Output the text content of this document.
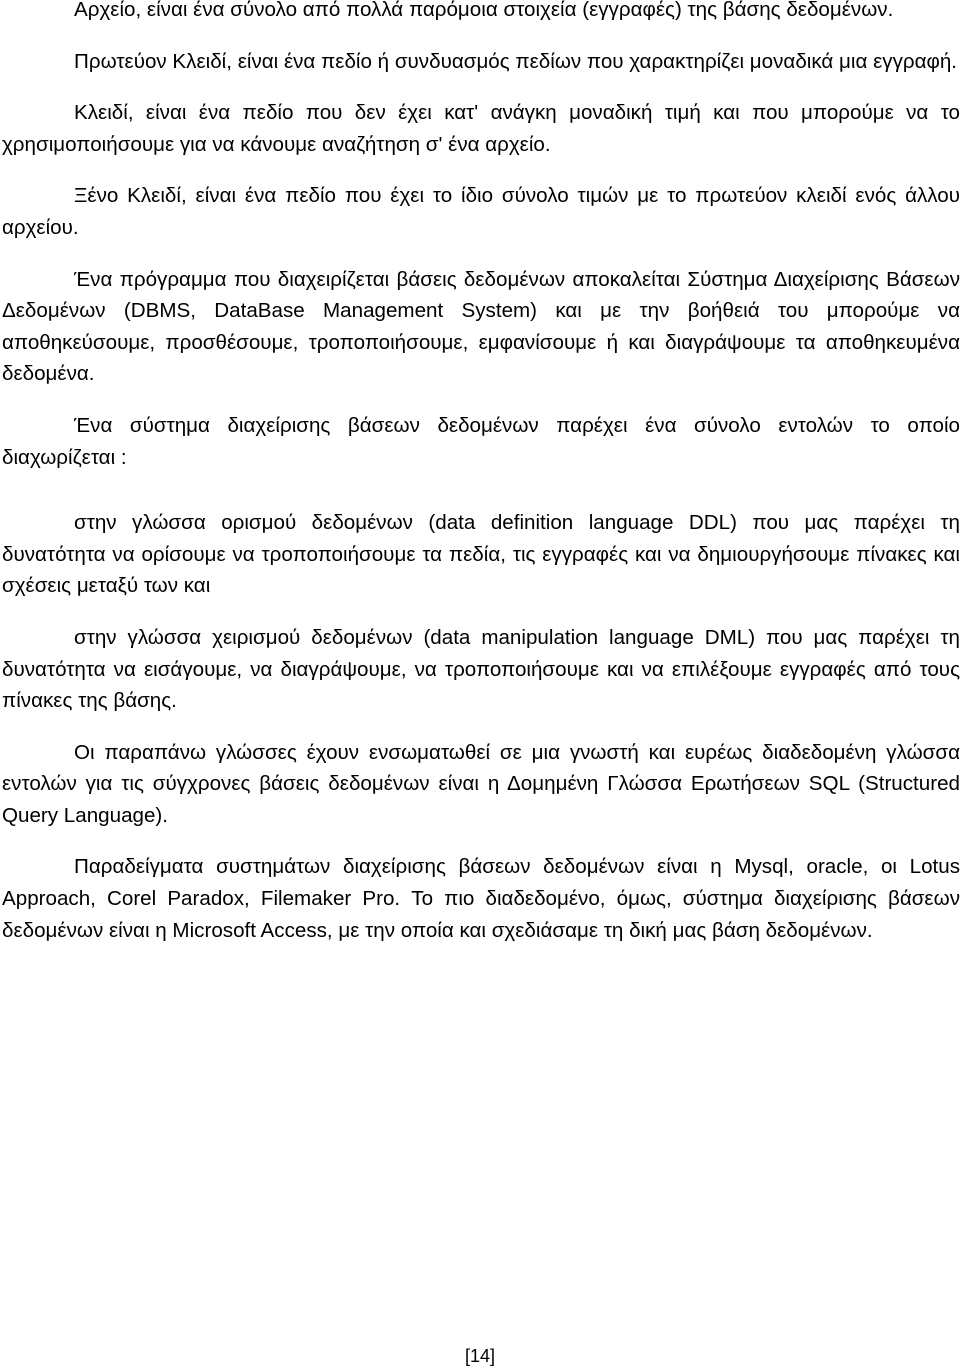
Αρχείο, είναι ένα σύνολο από πολλά παρόμοια στοιχεία (εγγραφές) της βάσης δεδομένων.

Πρωτεύον Κλειδί, είναι ένα πεδίο ή συνδυασμός πεδίων που χαρακτηρίζει μοναδικά μια εγγραφή.

Κλειδί, είναι ένα πεδίο που δεν έχει κατ' ανάγκη μοναδική τιμή και που μπορούμε να το χρησιμοποιήσουμε για να κάνουμε αναζήτηση σ' ένα αρχείο.

Ξένο Κλειδί, είναι ένα πεδίο που έχει το ίδιο σύνολο τιμών με το πρωτεύον κλειδί ενός άλλου αρχείου.

Ένα πρόγραμμα που διαχειρίζεται βάσεις δεδομένων αποκαλείται Σύστημα Διαχείρισης Βάσεων Δεδομένων (DBMS, DataBase Management System) και με την βοήθειά του μπορούμε να αποθηκεύσουμε, προσθέσουμε, τροποποιήσουμε, εμφανίσουμε ή και διαγράψουμε τα αποθηκευμένα δεδομένα.

Ένα σύστημα διαχείρισης βάσεων δεδομένων παρέχει ένα σύνολο εντολών το οποίο διαχωρίζεται :

στην γλώσσα ορισμού δεδομένων (data definition language DDL) που μας παρέχει τη δυνατότητα να ορίσουμε να τροποποιήσουμε τα πεδία, τις εγγραφές και να δημιουργήσουμε πίνακες και σχέσεις μεταξύ των και

στην γλώσσα χειρισμού δεδομένων (data manipulation language DML) που μας παρέχει τη δυνατότητα να εισάγουμε, να διαγράψουμε, να τροποποιήσουμε και να επιλέξουμε εγγραφές από τους πίνακες της βάσης.

Οι παραπάνω γλώσσες έχουν ενσωματωθεί σε μια γνωστή και ευρέως διαδεδομένη γλώσσα εντολών για τις σύγχρονες βάσεις δεδομένων είναι η Δομημένη Γλώσσα Ερωτήσεων SQL (Structured Query Language).

Παραδείγματα συστημάτων διαχείρισης βάσεων δεδομένων είναι η Mysql, oracle, οι Lotus Approach, Corel Paradox, Filemaker Pro. Το πιο διαδεδομένο, όμως, σύστημα διαχείρισης βάσεων δεδομένων είναι η Microsoft Access, με την οποία και σχεδιάσαμε τη δική μας βάση δεδομένων.

[14]
